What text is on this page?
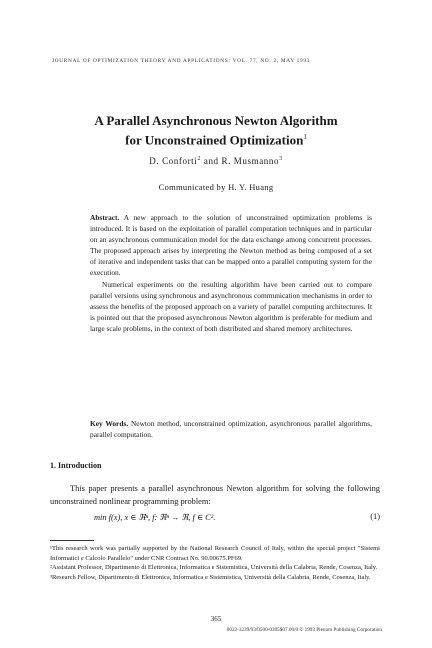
JOURNAL OF OPTIMIZATION THEORY AND APPLICATIONS: VOL. 77, NO. 2, MAY 1993
A Parallel Asynchronous Newton Algorithm
for Unconstrained Optimization$^1$
D. Conforti$^2$ and R. Musmanno$^3$
Communicated by H. Y. Huang

Abstract. A new approach to the solution of unconstrained optimization problems is introduced. It is based on the exploitation of parallel computation techniques and in particular on an asynchronous communication model for the data exchange among concurrent processes. The proposed approach arises by interpreting the Newton method as being composed of a set of iterative and independent tasks that can be mapped onto a parallel computing system for the execution.

Numerical experiments on the resulting algorithm have been carried out to compare parallel versions using synchronous and asynchronous communication mechanisms in order to assess the benefits of the proposed approach on a variety of parallel computing architectures. It is pointed out that the proposed asynchronous Newton algorithm is preferable for medium and large scale problems, in the context of both distributed and shared memory architectures.

Key Words. Newton method, unconstrained optimization, asynchronous parallel algorithms, parallel computation.
1. Introduction

This paper presents a parallel asynchronous Newton algorithm for solving the following unconstrained nonlinear programming problem:

min f(x), x ∈ ℜⁿ, f: ℜⁿ → ℜ, f ∈ C².	(1)

¹This research work was partially supported by the National Research Council of Italy, within the special project "Sistemi Informatici e Calcolo Parallelo" under CNR Contract No. 90.00675.PF69.

²Assistant Professor, Dipartimento di Elettronica, Informatica e Sistemistica, Università della Calabria, Rende, Cosenza, Italy.

³Research Fellow, Dipartimento di Elettronica, Informatica e Sistemistica, Università della Calabria, Rende, Cosenza, Italy.

365
0022-3239/93/0500-0305$07.00/0 © 1993 Plenum Publishing Corporation
